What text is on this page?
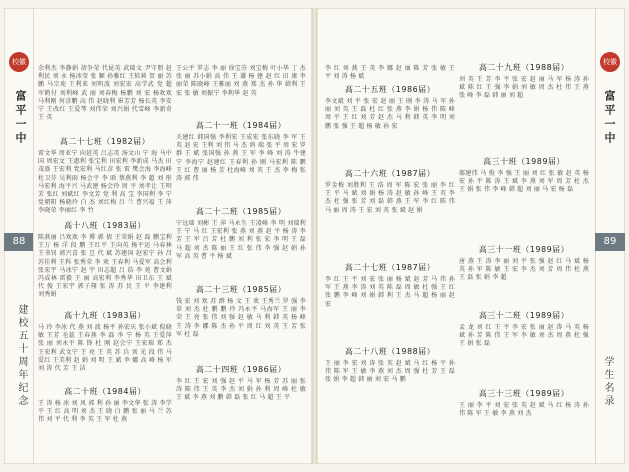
校徽
富平一中
88
建校五十周年纪念
余利杰 李静娟 胡争荣 代昆英 武瑞文 尹守朋 赵利民 刘 永 杨冰莹 张 颖 孙雅红 王转莉 贺 丽 苏 鹏 马宗苑 王利来 刘明波 刘宏宏 高学武 党 超 军鹤付 刘利峰 武 丽 刘春梅 杨鹏 刘 宏 杨欢欢 马利刚 何彦鹏 高 伟 赵晓利 崔芳芳 杨长英 李安宁 王改红 王爱琴 刘伟荣 刘兴娟 代雪峰 李新奇 王 英
高二十七班（1982届）
雷文华 周亚宁 向延英 吕志英 汤文山 宁 海 马中国 周宏文 王惠利 张宝利 田宏利 李新成 马杰 田茂盛 王宏利 党宏利 马红彦 张 雷 樊会海 李海峰 杜卫芬 吴利雨 杨会平 李 晗 蔡燕利 李 超 刘 彤 马宏利 海平兴 马武建 杨会玲 周 平 刘孝让 王明芳 张红 刘斌红 李文芳 党 利 高 宝 李国利 李 宁 党朝阳 杨晓玲 白 杰 刘红梅 吕 兰 曹兴福 王 萍 李晓荣 李丽红 李 竹
高十八班（1983届）
陈燕丽 吕欢欢 李 博 郭 倩 王荣娟 赵 磊 鹏宝利 王万 杨 洋 段 鹏 王红平 王向英 杨平运 马春林 王书钊 郭兴喜 张 昱 代 斌 苏建国 赵宏宁 孙 昌 苏佳利 王科 张秀荣 李 欢 王春利 马爱军 高会利 张宏宇 马冰宁 赵 宇 田志超 吕 浩 李 苑 曹文娟 冯成林 雷毅 王 丽 高宏利 李秀华 田卫东 王 斌 代 俊 王宏宇 郭子翔 张 涛 苏 民 王 平 李建利 刘秀娟
高十九班（1983届）
马 玲 李冰 代 燕 刘 波 杨平 孙宏庆 张小斌 倪晓敏 王芳 毛蕊 王春燕 李 磊 李 宁 杨 英 王爱萍 张 丽 刘永平 陈 锋 杜 刚 赵会宁 王宏瑞 郑 杰 王宏利 武文宁 王 亮 王 英 苏 兵 刘 光 段 伟 马爱红 王美利 赵 娟 刘 明 王 斌 李 娜 高 峰 杨 军 刘 涛 代 芳 王 洁
高二十班（1984届）
王 涛 杨 冰 刘 凤 郭 利 孙 丽 李文华 张 涛 李学平 王 红 高 明 刘 杰 王 晓 白 鹏 张 丽 马 兰 苏 伟 刘 平 代 利 李 英 王 军 杜 燕
王公平 罗志 李 丽 徐宝芬 刘宝梅 叶小华 丁 杰 张 丽 苏小娟 高 伟 王 谦 杨 建 赵 红 田 康 李丽荣 陈晓峰 王雅丽 刘 燕 郑 杰 孙 华 韩利 王 宏 张 敏 刘振宁 李利华 赵 英
高二十一班（1984届）
关建红 韩国强 李利宏 王成宏 张东晓 李 军 王 英 赵 宏 王利 刘 伟 马 杰 鸿 瑞 张 平 周 宏 罗 群 王 斌 张国强 孙 燕 王 军 李 峰 刘 涛 牛建宁 李海宁 赵建红 王春利 孙 刚 马宏利 陈 鹏 王 红 曹 丽 杨 芳 杜海峰 刘 英 王 杰 李 梅 张 涛 郭 伟
高二十二班（1985届）
宁远瑞 刘彬 王 萍 马永生 王凌峰 李 明 刘瑞利 王 宁 马 红 王宏利 张 燕 刘 燕 赵 平 杨 涛 李 芳 王 军 吕 芳 杜 鹏 刘 利 张 宏 李 明 王 磊 马 超 刘 杰 陈 丽 王 红 张 伟 李 强 赵 娟 孙 军 高 英 曹 平 杨 斌
高二十三班（1985届）
钱 宏 刘 欢 苏 群 杨 文 王 欢 王秀兰 罗 强 李 翠 刘 杰 杜 鹏 鹏 玲 冯永平 马海军 王 丽 李 荣 王 亮 张 伟 刘 强 赵 敏 马 利 韩 英 杨 峰 王 涛 李 娜 陈 杰 孙 平 周 红 刘 英 王 芳 张 军 杜 磊
高二十四班（1986届）
李 红 王 宏 刘 强 赵 平 马 军 杨 芳 苏 丽 张 涛 陈 伟 王 英 李 杰 刘 娟 孙 利 周 峰 杜 敏 王 斌 李 燕 刘 鹏 韩 磊 张 红 马 超 王 平
李 红 刘 燕 王 英 李 娜 赵 丽 陈 芳 张 敏 王 平 刘 涛 杨 斌
高二十五班（1986届）
李文斌 刘 平 张 宏 赵 丽 王 刚 李 涛 马 军 孙 丽 刘 英 王 磊 杜 红 张 燕 李 娟 杨 伟 陈 峰 周 平 王 红 刘 芳 赵 杰 马 利 韩 英 李 明 刘 鹏 张 强 王 超 杨 敏 孙 宏
高二十六班（1987届）
罗金梅 刘胜利 王 浩 周 军 陈 宏 张 丽 李 红 王 平 马 斌 刘 娟 杨 涛 赵 敏 孙 峰 王 英 李 杰 杜 强 张 芳 刘 磊 韩 燕 王 军 李 红 陈 伟 马 丽 周 涛 王 宏 刘 英 张 斌 赵 娟
高二十七班（1987届）
李 红 王 平 刘 宏 张 丽 杨 斌 赵 芳 马 伟 孙 军 王 燕 李 涛 刘 英 陈 磊 周 敏 杜 强 王 红 张 鹏 李 峰 刘 娟 韩 利 王 杰 马 超 杨 丽 赵 宏
高二十八班（1988届）
王 丽 李 宏 刘 涛 张 英 赵 斌 马 红 杨 平 孙 伟 陈 军 王 敏 李 燕 刘 杰 周 强 杜 芳 王 磊 张 娟 李 超 韩 丽 刘 宏 马 鹏
高二十九班（1988届）
刘 英 王 芳 李 平 张 宏 赵 丽 马 军 杨 涛 孙 斌 陈 红 王 强 李 娟 刘 敏 周 杰 杜 伟 王 燕 张 峰 李 磊 韩 丽 刘 超
高三十班（1989届）
郝建伟 马 俊 李 强 王 丽 刘 红 张 敏 赵 英 杨 宏 孙 平 陈 涛 王 斌 李 燕 刘 军 周 芳 杜 杰 王 娟 张 伟 李 峰 韩 超 刘 丽 马 宏 杨 磊
高三十一班（1989届）
唐 燕 王 涛 李 丽 刘 平 张 强 赵 红 马 斌 杨 英 孙 军 陈 敏 王 宏 李 杰 刘 芳 周 伟 杜 燕 王 磊 张 娟 李 超
高三十二班（1989届）
孟 龙 刘 红 王 平 李 宏 张 丽 赵 涛 马 英 杨 斌 孙 芳 陈 伟 王 军 李 敏 刘 杰 周 燕 杜 强 王 娟 张 磊
高三十三班（1989届）
王 丽 李 平 刘 宏 张 英 赵 斌 马 红 杨 涛 孙 伟 陈 军 王 敏 李 燕 刘 杰
校徽
富平一中
89
学生名录
